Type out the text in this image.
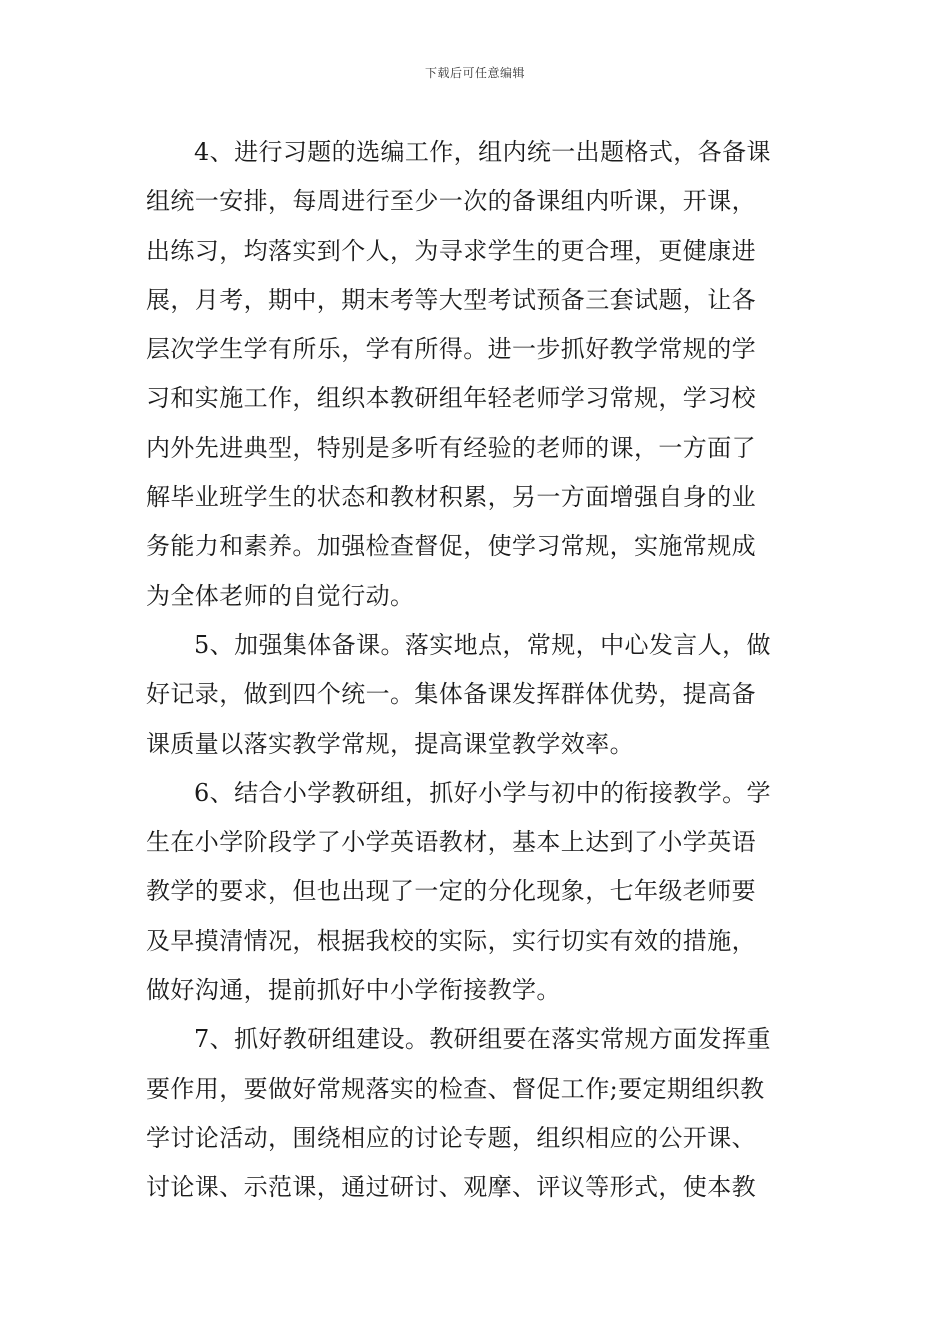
下载后可任意编辑
4、进行习题的选编工作，组内统一出题格式，各备课
组统一安排，每周进行至少一次的备课组内听课，开课，
出练习，均落实到个人，为寻求学生的更合理，更健康进
展，月考，期中，期末考等大型考试预备三套试题，让各
层次学生学有所乐，学有所得。进一步抓好教学常规的学
习和实施工作，组织本教研组年轻老师学习常规，学习校
内外先进典型，特别是多听有经验的老师的课，一方面了
解毕业班学生的状态和教材积累，另一方面增强自身的业
务能力和素养。加强检查督促，使学习常规，实施常规成
为全体老师的自觉行动。
5、加强集体备课。落实地点，常规，中心发言人，做
好记录，做到四个统一。集体备课发挥群体优势，提高备
课质量以落实教学常规，提高课堂教学效率。
6、结合小学教研组，抓好小学与初中的衔接教学。学
生在小学阶段学了小学英语教材，基本上达到了小学英语
教学的要求，但也出现了一定的分化现象，七年级老师要
及早摸清情况，根据我校的实际，实行切实有效的措施，
做好沟通，提前抓好中小学衔接教学。
7、抓好教研组建设。教研组要在落实常规方面发挥重
要作用，要做好常规落实的检查、督促工作;要定期组织教
学讨论活动，围绕相应的讨论专题，组织相应的公开课、
讨论课、示范课，通过研讨、观摩、评议等形式，使本教
